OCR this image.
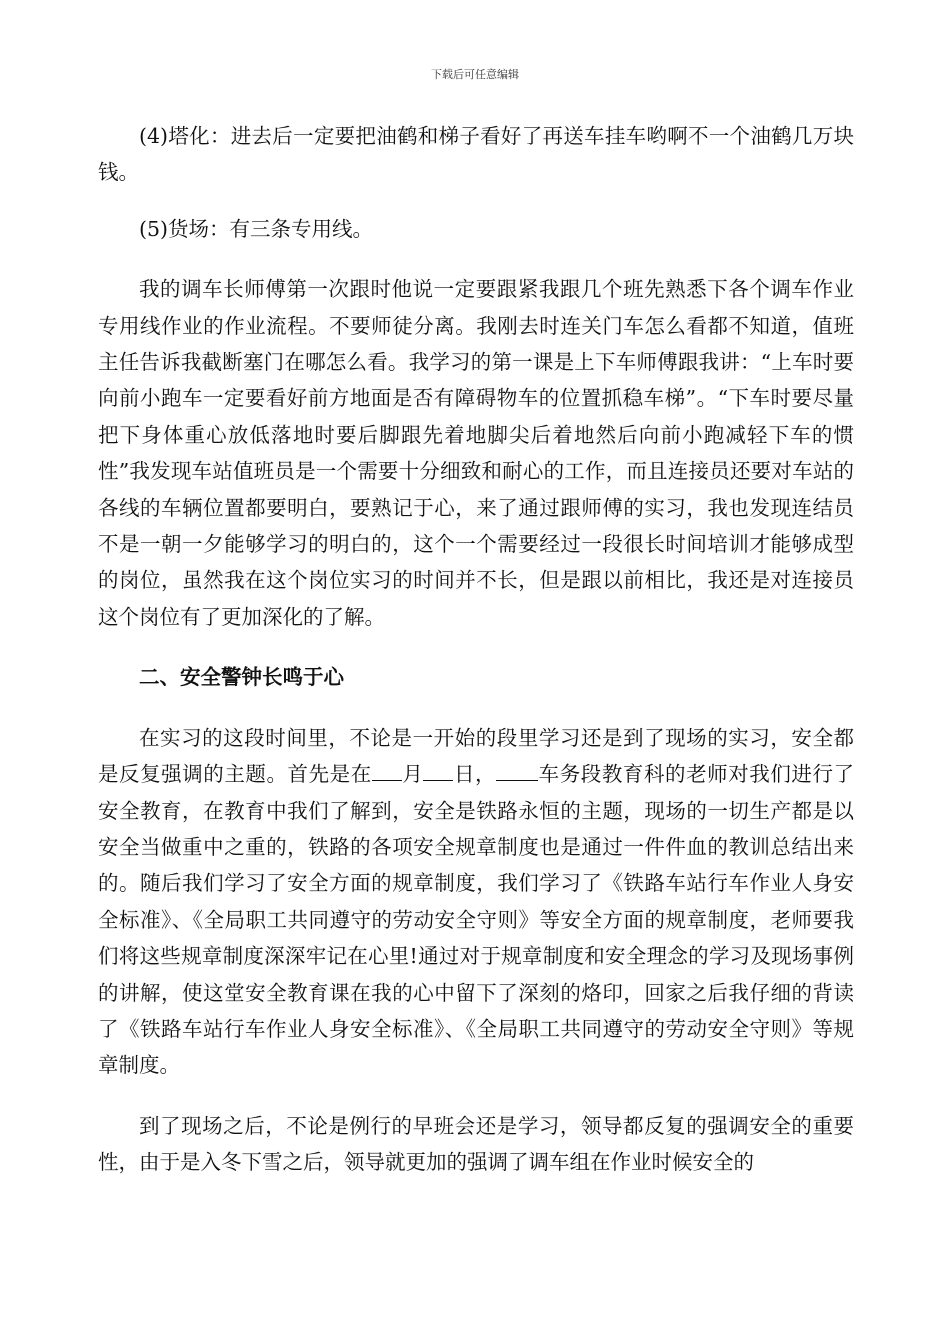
下载后可任意编辑

(4)塔化：进去后一定要把油鹤和梯子看好了再送车挂车哟啊不一个油鹤几万块钱。

(5)货场：有三条专用线。

我的调车长师傅第一次跟时他说一定要跟紧我跟几个班先熟悉下各个调车作业专用线作业的作业流程。不要师徒分离。我刚去时连关门车怎么看都不知道，值班主任告诉我截断塞门在哪怎么看。我学习的第一课是上下车师傅跟我讲：“上车时要向前小跑车一定要看好前方地面是否有障碍物车的位置抓稳车梯”。“下车时要尽量把下身体重心放低落地时要后脚跟先着地脚尖后着地然后向前小跑减轻下车的惯性”我发现车站值班员是一个需要十分细致和耐心的工作，而且连接员还要对车站的各线的车辆位置都要明白，要熟记于心，来了通过跟师傅的实习，我也发现连结员不是一朝一夕能够学习的明白的，这个一个需要经过一段很长时间培训才能够成型的岗位，虽然我在这个岗位实习的时间并不长，但是跟以前相比，我还是对连接员这个岗位有了更加深化的了解。

二、安全警钟长鸣于心

在实习的这段时间里，不论是一开始的段里学习还是到了现场的实习，安全都是反复强调的主题。首先是在 月 日， 车务段教育科的老师对我们进行了安全教育，在教育中我们了解到，安全是铁路永恒的主题，现场的一切生产都是以安全当做重中之重的，铁路的各项安全规章制度也是通过一件件血的教训总结出来的。随后我们学习了安全方面的规章制度，我们学习了《铁路车站行车作业人身安全标准》、《全局职工共同遵守的劳动安全守则》等安全方面的规章制度，老师要我们将这些规章制度深深牢记在心里!通过对于规章制度和安全理念的学习及现场事例的讲解，使这堂安全教育课在我的心中留下了深刻的烙印，回家之后我仔细的背读了《铁路车站行车作业人身安全标准》、《全局职工共同遵守的劳动安全守则》等规章制度。

到了现场之后，不论是例行的早班会还是学习，领导都反复的强调安全的重要性，由于是入冬下雪之后，领导就更加的强调了调车组在作业时候安全的
